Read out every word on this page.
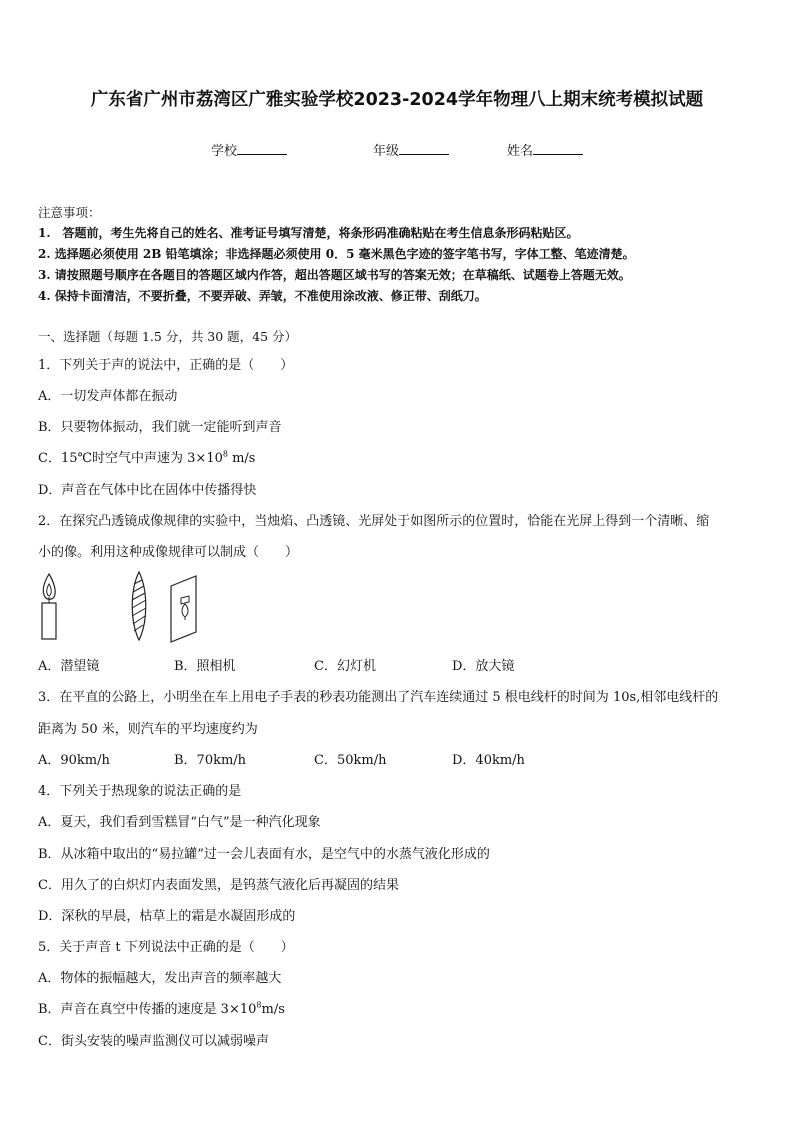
广东省广州市荔湾区广雅实验学校2023-2024学年物理八上期末统考模拟试题
学校	年级	姓名
注意事项：
1.　答题前，考生先将自己的姓名、准考证号填写清楚，将条形码准确粘贴在考生信息条形码粘贴区。
2. 选择题必须使用 2B 铅笔填涂；非选择题必须使用 0．5 毫米黑色字迹的签字笔书写，字体工整、笔迹清楚。
3. 请按照题号顺序在各题目的答题区域内作答，超出答题区域书写的答案无效；在草稿纸、试题卷上答题无效。
4. 保持卡面清洁，不要折叠，不要弄破、弄皱，不准使用涂改液、修正带、刮纸刀。
一、选择题（每题 1.5 分，共 30 题，45 分）
1．下列关于声的说法中，正确的是（　　）
A．一切发声体都在振动
B．只要物体振动，我们就一定能听到声音
C．15℃时空气中声速为 $3\times 10^8$ m/s
D．声音在气体中比在固体中传播得快
2．在探究凸透镜成像规律的实验中，当烛焰、凸透镜、光屏处于如图所示的位置时，恰能在光屏上得到一个清晰、缩
小的像。利用这种成像规律可以制成（　　）
A．潜望镜	B．照相机	C．幻灯机	D．放大镜
3．在平直的公路上，小明坐在车上用电子手表的秒表功能测出了汽车连续通过 5 根电线杆的时间为 10s,相邻电线杆的
距离为 50 米，则汽车的平均速度约为
A．90km/h	B．70km/h	C．50km/h	D．40km/h
4．下列关于热现象的说法正确的是
A．夏天，我们看到雪糕冒“白气”是一种汽化现象
B．从冰箱中取出的“易拉罐”过一会儿表面有水，是空气中的水蒸气液化形成的
C．用久了的白炽灯内表面发黑，是钨蒸气液化后再凝固的结果
D．深秋的早晨，枯草上的霜是水凝固形成的
5．关于声音 t 下列说法中正确的是（　　）
A．物体的振幅越大，发出声音的频率越大
B．声音在真空中传播的速度是 $3\times 10^8m/s$
C．街头安装的噪声监测仪可以减弱噪声
